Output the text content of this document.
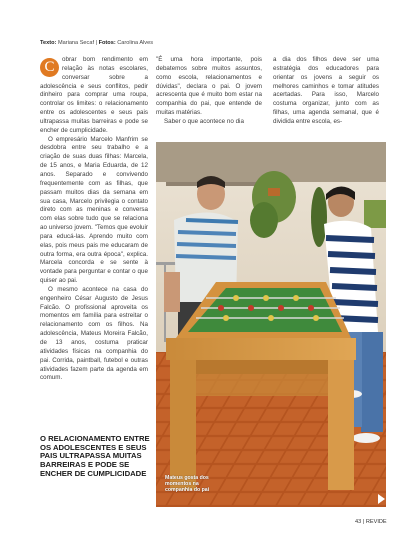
Texto: Mariana Secaf | Fotos: Carolina Alves
C	obrar bom rendimento em relação às notas escolares, conversar sobre a adolescência e seus conflitos, pedir dinheiro para comprar uma roupa, controlar os limites: o relacionamento entre os adolescentes e seus pais ultrapassa muitas barreiras e pode se encher de cumplicidade.

O empresário Marcelo Manfrim se desdobra entre seu trabalho e a criação de suas duas filhas: Marcela, de 15 anos, e Maria Eduarda, de 12 anos. Separado e convivendo frequentemente com as filhas, que passam muitos dias da semana em sua casa, Marcelo privilegia o contato direto com as meninas e conversa com elas sobre tudo que se relaciona ao universo jovem. "Temos que evoluir para educá-las. Aprendo muito com elas, pois meus pais me educaram de outra forma, era outra época", explica. Marcela concorda e se sente à vontade para perguntar e contar o que quiser ao pai.

O mesmo acontece na casa do engenheiro César Augusto de Jesus Falcão. O profissional aproveita os momentos em família para estreitar o relacionamento com os filhos. Na adolescência, Mateus Moreira Falcão, de 13 anos, costuma praticar atividades físicas na companhia do pai. Corrida, paintball, futebol e outras atividades fazem parte da agenda em comum.

"É uma hora importante, pois debatemos sobre muitos assuntos, como escola, relacionamentos e dúvidas", declara o pai. O jovem acrescenta que é muito bom estar na companhia do pai, que entende de muitas matérias.

Saber o que acontece no dia

a dia dos filhos deve ser uma estratégia dos educadores para orientar os jovens a seguir os melhores caminhos e tomar atitudes acertadas. Para isso, Marcelo costuma organizar, junto com as filhas, uma agenda semanal, que é dividida entre escola, es-

O RELACIONAMENTO ENTRE OS ADOLESCENTES E SEUS PAIS ULTRAPASSA MUITAS BARREIRAS E PODE SE ENCHER DE CUMPLICIDADE
Mateus gosta dos momentos na companhia do pai
43 | REVIDE
